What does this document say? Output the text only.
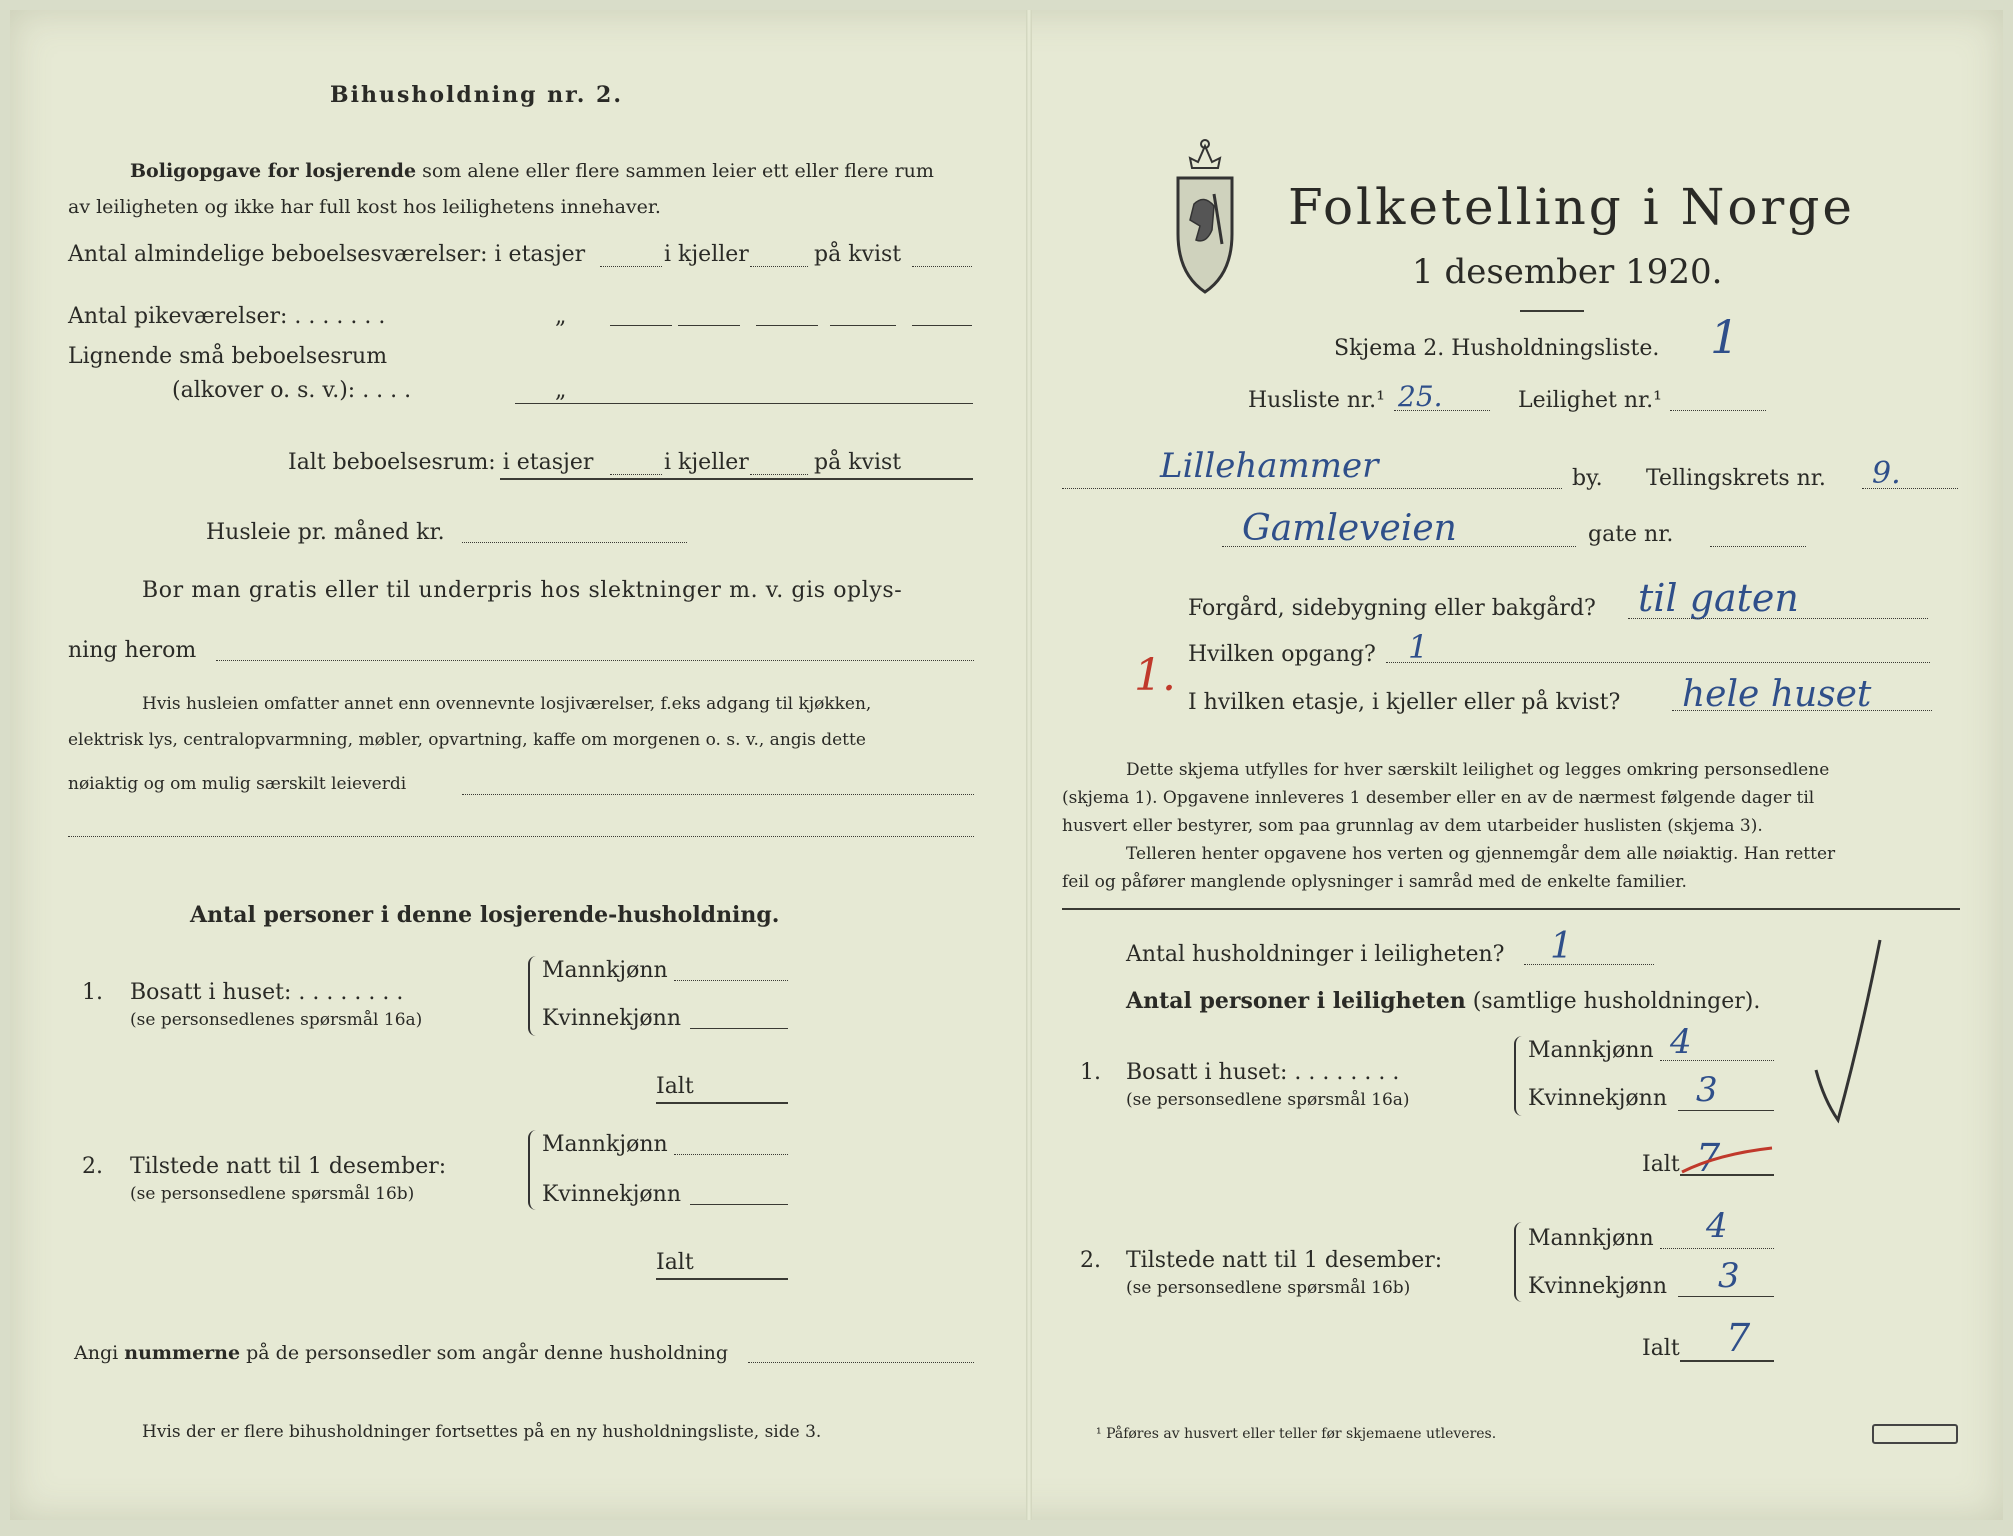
Bihusholdning nr. 2.
Boligopgave for losjerende som alene eller flere sammen leier ett eller flere rum
av leiligheten og ikke har full kost hos leilighetens innehaver.
Antal almindelige beboelsesværelser: i etasjer	i kjeller	på kvist
Antal pikeværelser: . . . . . . .	„
Lignende små beboelsesrum
(alkover o. s. v.): . . . .	„
Ialt beboelsesrum: i etasjer	i kjeller	på kvist
Husleie pr. måned kr.
Bor man gratis eller til underpris hos slektninger m. v. gis oplys-
ning herom
Hvis husleien omfatter annet enn ovennevnte losjiværelser, f.eks adgang til kjøkken,
elektrisk lys, centralopvarmning, møbler, opvartning, kaffe om morgenen o. s. v., angis dette
nøiaktig og om mulig særskilt leieverdi
Antal personer i denne losjerende-husholdning.
1. Bosatt i huset: . . . . . . . .
(se personsedlenes spørsmål 16a)
Mannkjønn
Kvinnekjønn
Ialt
2. Tilstede natt til 1 desember:
(se personsedlene spørsmål 16b)
Mannkjønn
Kvinnekjønn
Ialt
Angi nummerne på de personsedler som angår denne husholdning
Hvis der er flere bihusholdninger fortsettes på en ny husholdningsliste, side 3.
Folketelling i Norge
1 desember 1920.
Skjema 2. Husholdningsliste. 1
Husliste nr.¹ 25.	Leilighet nr.¹
Lillehammer	by. Tellingskrets nr. 9.
Gamleveien	gate nr.
Forgård, sidebygning eller bakgård? til gaten
1. Hvilken opgang? 1
I hvilken etasje, i kjeller eller på kvist? hele huset
Dette skjema utfylles for hver særskilt leilighet og legges omkring personsedlene
(skjema 1). Opgavene innleveres 1 desember eller en av de nærmest følgende dager til
husvert eller bestyrer, som paa grunnlag av dem utarbeider huslisten (skjema 3).
Telleren henter opgavene hos verten og gjennemgår dem alle nøiaktig. Han retter
feil og påfører manglende oplysninger i samråd med de enkelte familier.
Antal husholdninger i leiligheten? 1
Antal personer i leiligheten (samtlige husholdninger).
1. Bosatt i huset: . . . . . . . .
(se personsedlene spørsmål 16a)
Mannkjønn 4
Kvinnekjønn 3
Ialt 7
2. Tilstede natt til 1 desember:
(se personsedlene spørsmål 16b)
Mannkjønn 4
Kvinnekjønn 3
Ialt 7
¹ Påføres av husvert eller teller før skjemaene utleveres.
